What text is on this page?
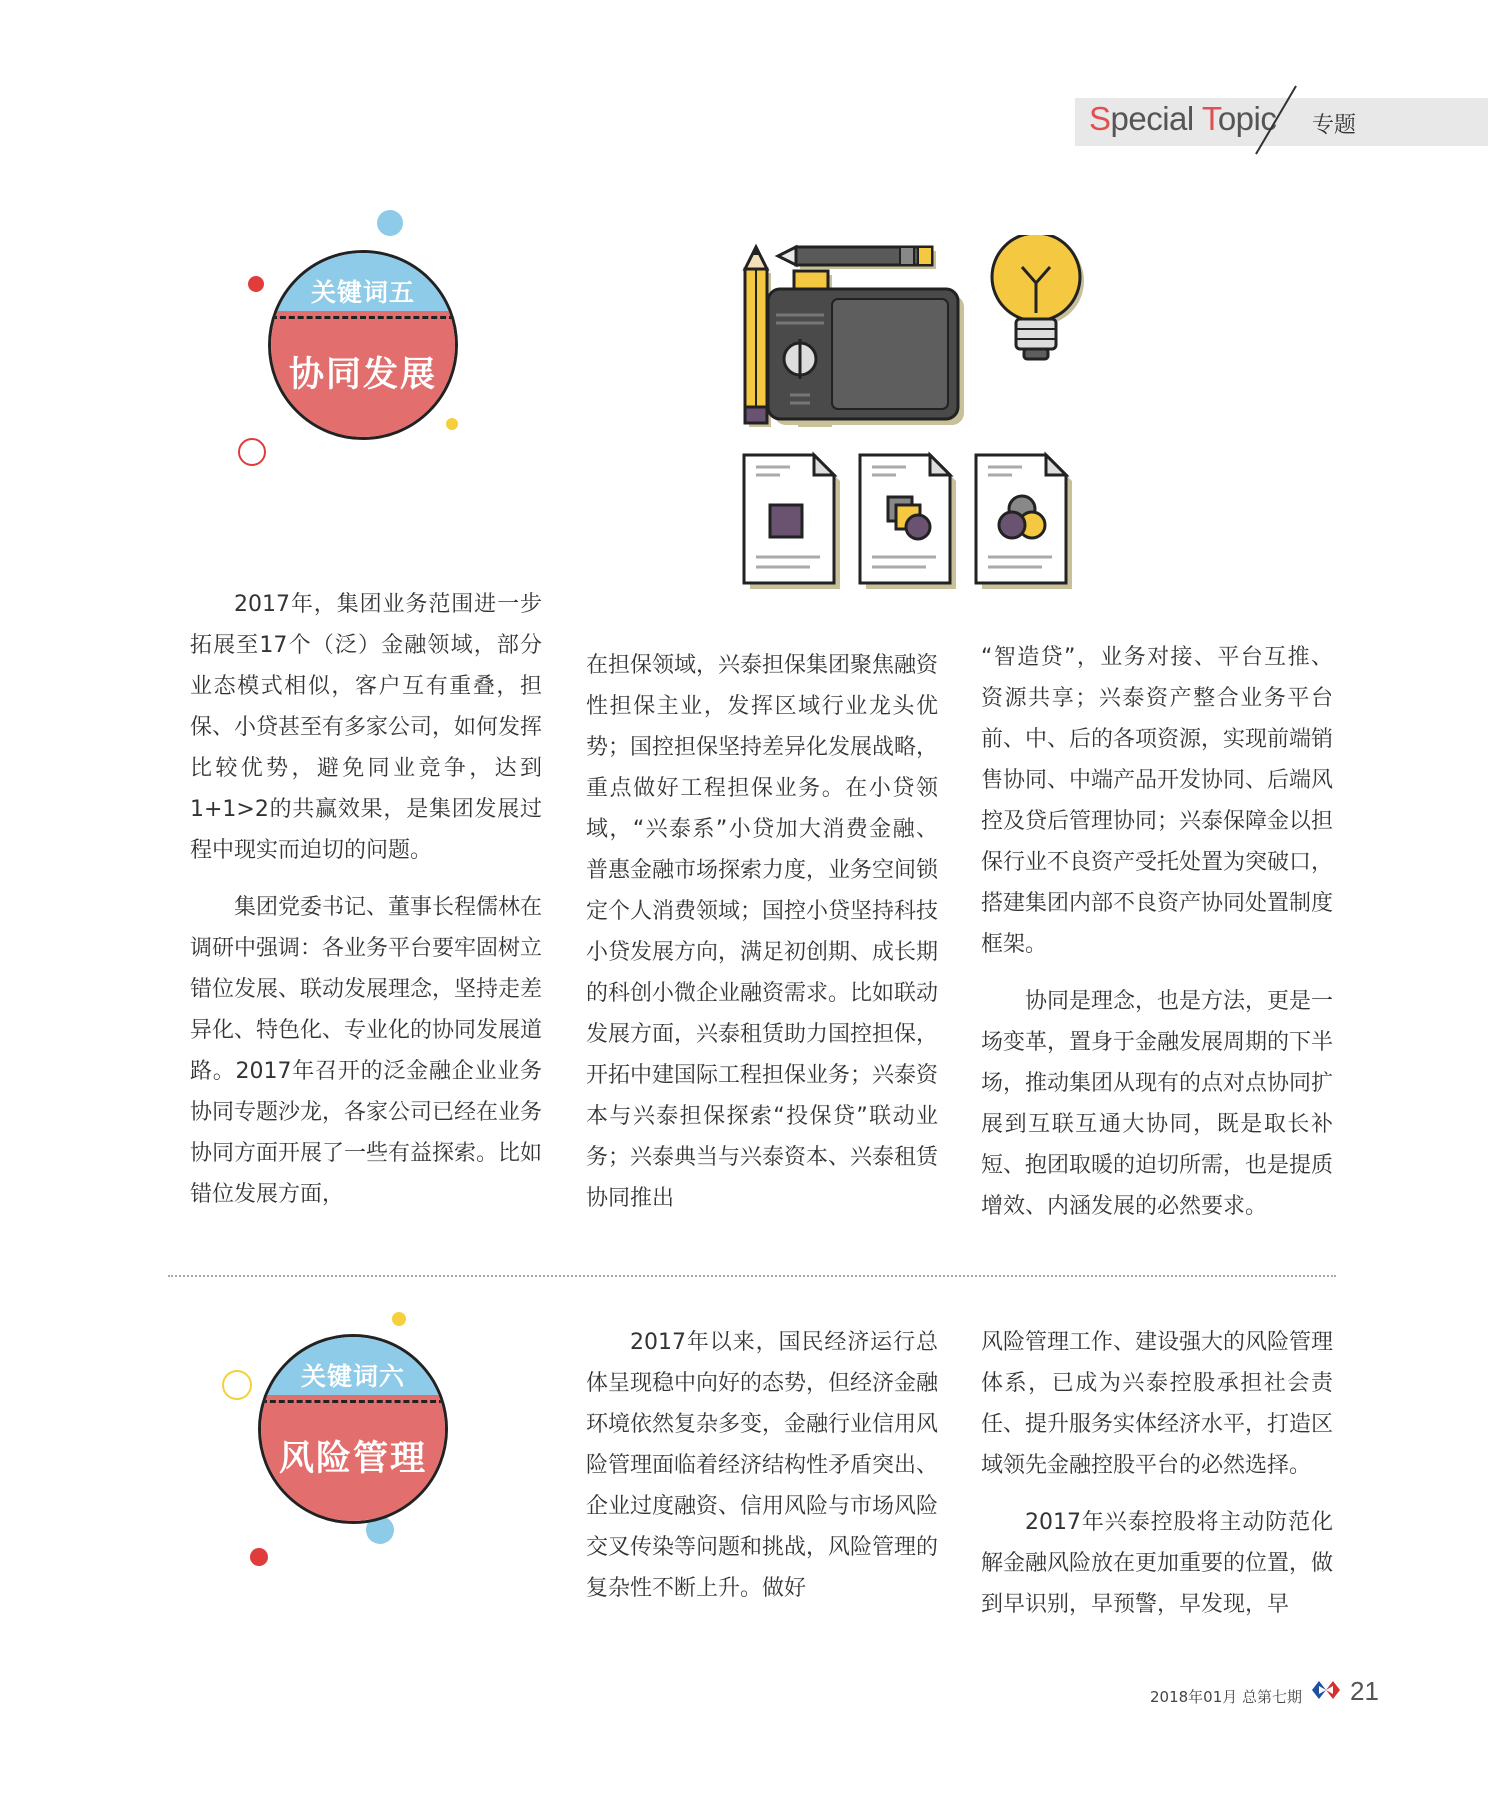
Special Topic 专题
关键词五
协同发展

2017年，集团业务范围进一步拓展至17个（泛）金融领域，部分业态模式相似，客户互有重叠，担保、小贷甚至有多家公司，如何发挥比较优势，避免同业竞争，达到1+1>2的共赢效果，是集团发展过程中现实而迫切的问题。

集团党委书记、董事长程儒林在调研中强调：各业务平台要牢固树立错位发展、联动发展理念，坚持走差异化、特色化、专业化的协同发展道路。2017年召开的泛金融企业业务协同专题沙龙，各家公司已经在业务协同方面开展了一些有益探索。比如错位发展方面，

在担保领域，兴泰担保集团聚焦融资性担保主业，发挥区域行业龙头优势；国控担保坚持差异化发展战略，重点做好工程担保业务。在小贷领域，“兴泰系”小贷加大消费金融、普惠金融市场探索力度，业务空间锁定个人消费领域；国控小贷坚持科技小贷发展方向，满足初创期、成长期的科创小微企业融资需求。比如联动发展方面，兴泰租赁助力国控担保，开拓中建国际工程担保业务；兴泰资本与兴泰担保探索“投保贷”联动业务；兴泰典当与兴泰资本、兴泰租赁协同推出

“智造贷”，业务对接、平台互推、资源共享；兴泰资产整合业务平台前、中、后的各项资源，实现前端销售协同、中端产品开发协同、后端风控及贷后管理协同；兴泰保障金以担保行业不良资产受托处置为突破口，搭建集团内部不良资产协同处置制度框架。

协同是理念，也是方法，更是一场变革，置身于金融发展周期的下半场，推动集团从现有的点对点协同扩展到互联互通大协同，既是取长补短、抱团取暖的迫切所需，也是提质增效、内涵发展的必然要求。

关键词六
风险管理

2017年以来，国民经济运行总体呈现稳中向好的态势，但经济金融环境依然复杂多变，金融行业信用风险管理面临着经济结构性矛盾突出、企业过度融资、信用风险与市场风险交叉传染等问题和挑战，风险管理的复杂性不断上升。做好

风险管理工作、建设强大的风险管理体系，已成为兴泰控股承担社会责任、提升服务实体经济水平，打造区域领先金融控股平台的必然选择。

2017年兴泰控股将主动防范化解金融风险放在更加重要的位置，做到早识别，早预警，早发现，早

2018年01月 总第七期 21
